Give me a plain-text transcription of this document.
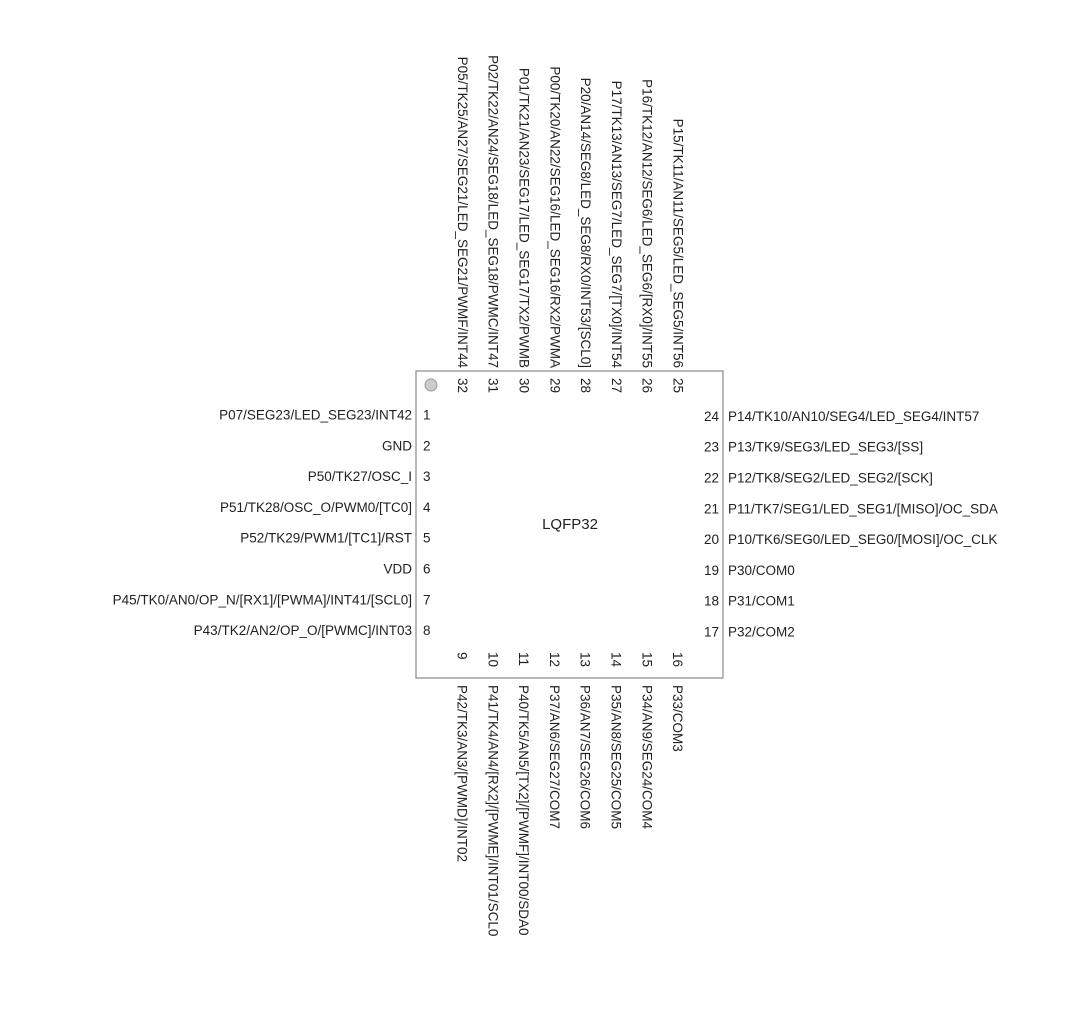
LQFP32
1
P07/SEG23/LED_SEG23/INT42
2
GND
3
P50/TK27/OSC_I
4
P51/TK28/OSC_O/PWM0/[TC0]
5
P52/TK29/PWM1/[TC1]/RST
6
VDD
7
P45/TK0/AN0/OP_N/[RX1]/[PWMA]/INT41/[SCL0]
8
P43/TK2/AN2/OP_O/[PWMC]/INT03	17 P32/COM2
18 P31/COM1
19 P30/COM0
20 P10/TK6/SEG0/LED_SEG0/[MOSI]/OC_CLK
21 P11/TK7/SEG1/LED_SEG1/[MISO]/OC_SDA
22 P12/TK8/SEG2/LED_SEG2/[SCK]
23 P13/TK9/SEG3/LED_SEG3/[SS]
24 P14/TK10/AN10/SEG4/LED_SEG4/INT57
9
P42/TK3/AN3/[PWMD]/INT02
10
P41/TK4/AN4/[RX2]/[PWME]/INT01/SCL0
11
P40/TK5/AN5/[TX2]/[PWMF]/INT00/SDA0
12
P37/AN6/SEG27/COM7
13
P36/AN7/SEG26/COM6
14
P35/AN8/SEG25/COM5
15
P34/AN9/SEG24/COM4
16
P33/COM3
25
P15/TK11/AN11/SEG5/LED_SEG5/INT56
26
P16/TK12/AN12/SEG6/LED_SEG6/[RX0]/INT55
27
P17/TK13/AN13/SEG7/LED_SEG7/[TX0]/INT54
28
P20/AN14/SEG8/LED_SEG8/RX0/INT53/[SCL0]
29
P00/TK20/AN22/SEG16/LED_SEG16/RX2/PWMA
30
P01/TK21/AN23/SEG17/LED_SEG17/TX2/PWMB
31
P02/TK22/AN24/SEG18/LED_SEG18/PWMC/INT47
32
P05/TK25/AN27/SEG21/LED_SEG21/PWMF/INT44
